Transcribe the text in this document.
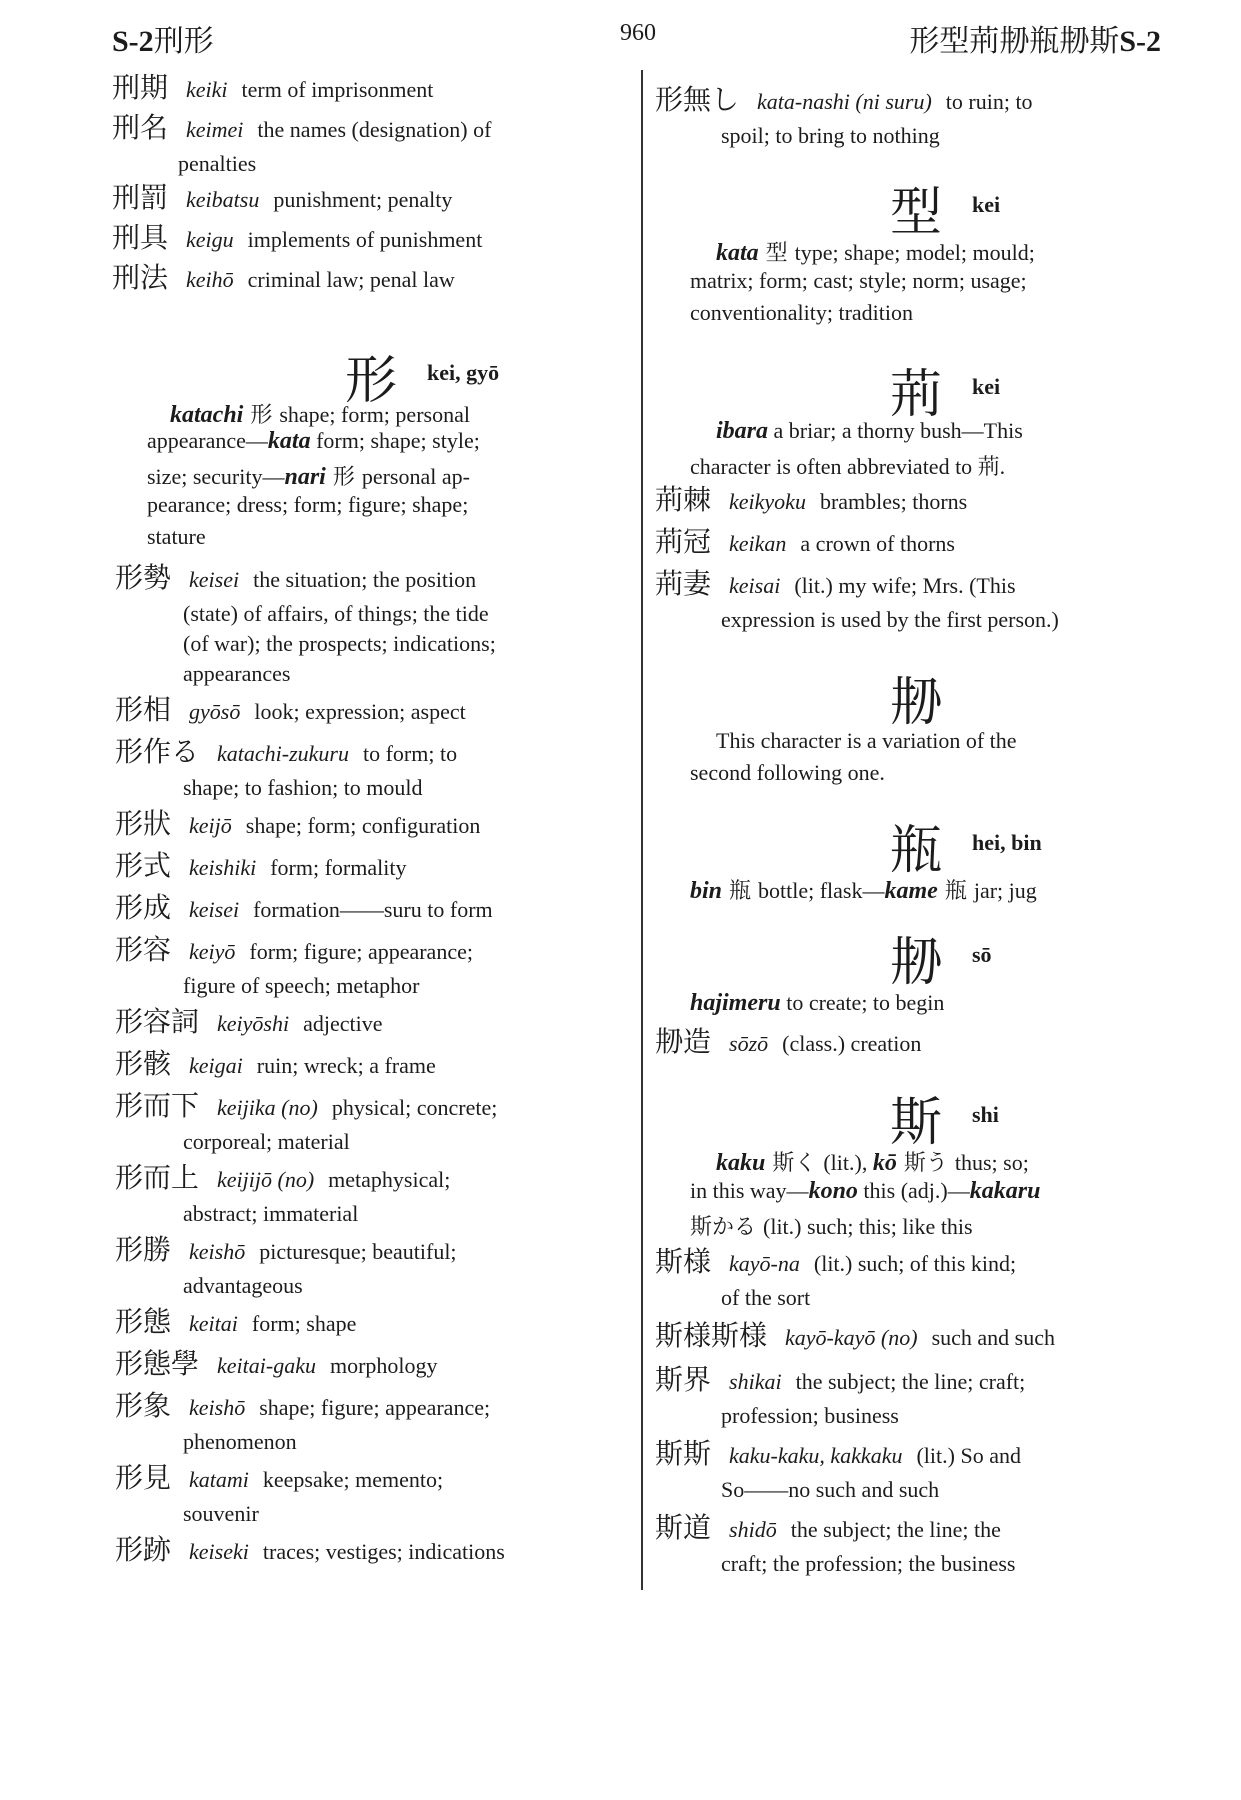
S-2刑形	960	形型荊刱瓶刱斯S-2
刑期 keiki term of imprisonment
刑名 keimei the names (designation) of
penalties
刑罰 keibatsu punishment; penalty
刑具 keigu implements of punishment
刑法 keihō criminal law; penal law
形 kei, gyō
katachi 形 shape; form; personal
appearance—kata form; shape; style;
size; security—nari 形 personal ap-
pearance; dress; form; figure; shape;
stature
形勢 keisei the situation; the position
(state) of affairs, of things; the tide
(of war); the prospects; indications;
appearances
形相 gyōsō look; expression; aspect
形作る katachi-zukuru to form; to
shape; to fashion; to mould
形狀 keijō shape; form; configuration
形式 keishiki form; formality
形成 keisei formation——suru to form
形容 keiyō form; figure; appearance;
figure of speech; metaphor
形容詞 keiyōshi adjective
形骸 keigai ruin; wreck; a frame
形而下 keijika (no) physical; concrete;
corporeal; material
形而上 keijijō (no) metaphysical;
abstract; immaterial
形勝 keishō picturesque; beautiful;
advantageous
形態 keitai form; shape
形態學 keitai-gaku morphology
形象 keishō shape; figure; appearance;
phenomenon
形見 katami keepsake; memento;
souvenir
形跡 keiseki traces; vestiges; indications
形無し kata-nashi (ni suru) to ruin; to
spoil; to bring to nothing
型 kei
kata 型 type; shape; model; mould;
matrix; form; cast; style; norm; usage;
conventionality; tradition
荊 kei
ibara a briar; a thorny bush—This
character is often abbreviated to 荊.
荊棘 keikyoku brambles; thorns
荊冠 keikan a crown of thorns
荊妻 keisai (lit.) my wife; Mrs. (This
expression is used by the first person.)
刱
This character is a variation of the
second following one.
瓶 hei, bin
bin 瓶 bottle; flask—kame 瓶 jar; jug
刱 sō
hajimeru to create; to begin
刱造 sōzō (class.) creation
斯 shi
kaku 斯く (lit.), kō 斯う thus; so;
in this way—kono this (adj.)—kakaru
斯かる (lit.) such; this; like this
斯様 kayō-na (lit.) such; of this kind;
of the sort
斯様斯様 kayō-kayō (no) such and such
斯界 shikai the subject; the line; craft;
profession; business
斯斯 kaku-kaku, kakkaku (lit.) So and
So——no such and such
斯道 shidō the subject; the line; the
craft; the profession; the business
